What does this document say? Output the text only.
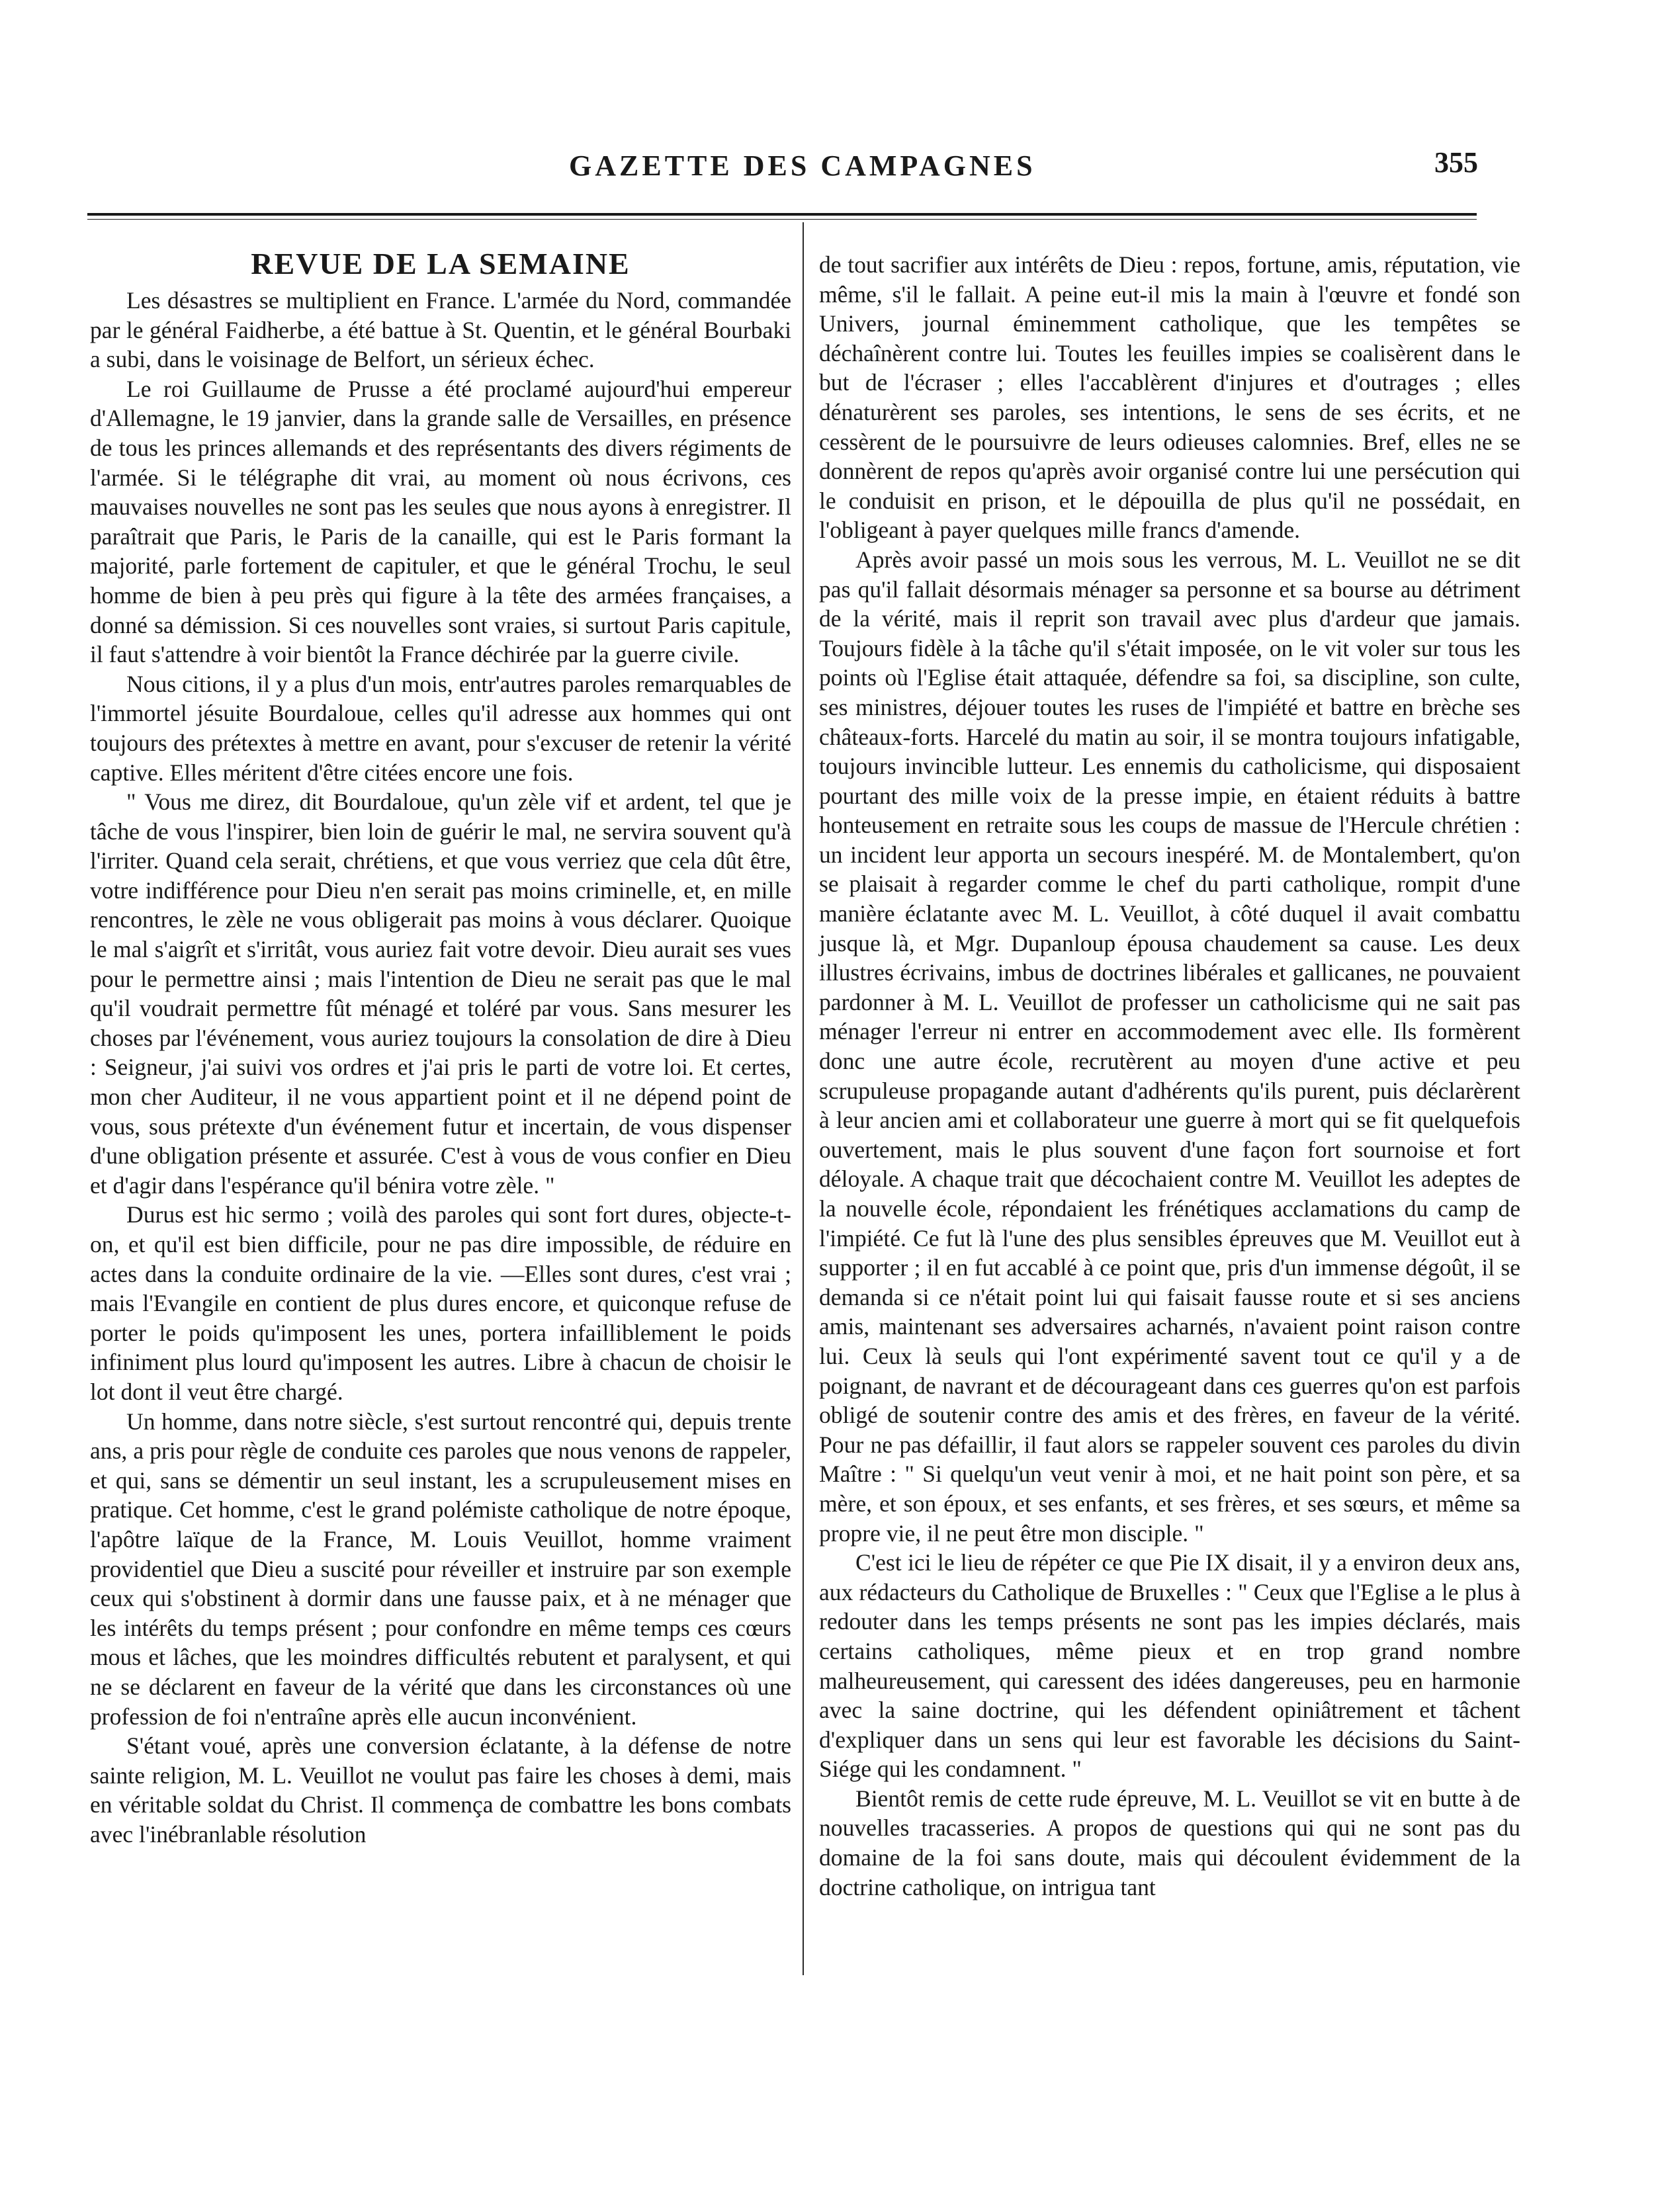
GAZETTE DES CAMPAGNES	355
REVUE DE LA SEMAINE

Les désastres se multiplient en France. L'armée du Nord, commandée par le général Faidherbe, a été battue à St. Quentin, et le général Bourbaki a subi, dans le voisinage de Belfort, un sérieux échec.

Le roi Guillaume de Prusse a été proclamé aujourd'hui empereur d'Allemagne, le 19 janvier, dans la grande salle de Versailles, en présence de tous les princes allemands et des représentants des divers régiments de l'armée. Si le télégraphe dit vrai, au moment où nous écrivons, ces mauvaises nouvelles ne sont pas les seules que nous ayons à enregistrer. Il paraîtrait que Paris, le Paris de la canaille, qui est le Paris formant la majorité, parle fortement de capituler, et que le général Trochu, le seul homme de bien à peu près qui figure à la tête des armées françaises, a donné sa démission. Si ces nouvelles sont vraies, si surtout Paris capitule, il faut s'attendre à voir bientôt la France déchirée par la guerre civile.

Nous citions, il y a plus d'un mois, entr'autres paroles remarquables de l'immortel jésuite Bourdaloue, celles qu'il adresse aux hommes qui ont toujours des prétextes à mettre en avant, pour s'excuser de retenir la vérité captive. Elles méritent d'être citées encore une fois.

" Vous me direz, dit Bourdaloue, qu'un zèle vif et ardent, tel que je tâche de vous l'inspirer, bien loin de guérir le mal, ne servira souvent qu'à l'irriter. Quand cela serait, chrétiens, et que vous verriez que cela dût être, votre indifférence pour Dieu n'en serait pas moins criminelle, et, en mille rencontres, le zèle ne vous obligerait pas moins à vous déclarer. Quoique le mal s'aigrît et s'irritât, vous auriez fait votre devoir. Dieu aurait ses vues pour le permettre ainsi ; mais l'intention de Dieu ne serait pas que le mal qu'il voudrait permettre fût ménagé et toléré par vous. Sans mesurer les choses par l'événement, vous auriez toujours la consolation de dire à Dieu : Seigneur, j'ai suivi vos ordres et j'ai pris le parti de votre loi. Et certes, mon cher Auditeur, il ne vous appartient point et il ne dépend point de vous, sous prétexte d'un événement futur et incertain, de vous dispenser d'une obligation présente et assurée. C'est à vous de vous confier en Dieu et d'agir dans l'espérance qu'il bénira votre zèle. "

Durus est hic sermo ; voilà des paroles qui sont fort dures, objecte-t-on, et qu'il est bien difficile, pour ne pas dire impossible, de réduire en actes dans la conduite ordinaire de la vie. —Elles sont dures, c'est vrai ; mais l'Evangile en contient de plus dures encore, et quiconque refuse de porter le poids qu'imposent les unes, portera infailliblement le poids infiniment plus lourd qu'imposent les autres. Libre à chacun de choisir le lot dont il veut être chargé.

Un homme, dans notre siècle, s'est surtout rencontré qui, depuis trente ans, a pris pour règle de conduite ces paroles que nous venons de rappeler, et qui, sans se démentir un seul instant, les a scrupuleusement mises en pratique. Cet homme, c'est le grand polémiste catholique de notre époque, l'apôtre laïque de la France, M. Louis Veuillot, homme vraiment providentiel que Dieu a suscité pour réveiller et instruire par son exemple ceux qui s'obstinent à dormir dans une fausse paix, et à ne ménager que les intérêts du temps présent ; pour confondre en même temps ces cœurs mous et lâches, que les moindres difficultés rebutent et paralysent, et qui ne se déclarent en faveur de la vérité que dans les circonstances où une profession de foi n'entraîne après elle aucun inconvénient.

S'étant voué, après une conversion éclatante, à la défense de notre sainte religion, M. L. Veuillot ne voulut pas faire les choses à demi, mais en véritable soldat du Christ. Il commença de combattre les bons combats avec l'inébranlable résolution

de tout sacrifier aux intérêts de Dieu : repos, fortune, amis, réputation, vie même, s'il le fallait. A peine eut-il mis la main à l'œuvre et fondé son Univers, journal éminemment catholique, que les tempêtes se déchaînèrent contre lui. Toutes les feuilles impies se coalisèrent dans le but de l'écraser ; elles l'accablèrent d'injures et d'outrages ; elles dénaturèrent ses paroles, ses intentions, le sens de ses écrits, et ne cessèrent de le poursuivre de leurs odieuses calomnies. Bref, elles ne se donnèrent de repos qu'après avoir organisé contre lui une persécution qui le conduisit en prison, et le dépouilla de plus qu'il ne possédait, en l'obligeant à payer quelques mille francs d'amende.

Après avoir passé un mois sous les verrous, M. L. Veuillot ne se dit pas qu'il fallait désormais ménager sa personne et sa bourse au détriment de la vérité, mais il reprit son travail avec plus d'ardeur que jamais. Toujours fidèle à la tâche qu'il s'était imposée, on le vit voler sur tous les points où l'Eglise était attaquée, défendre sa foi, sa discipline, son culte, ses ministres, déjouer toutes les ruses de l'impiété et battre en brèche ses châteaux-forts. Harcelé du matin au soir, il se montra toujours infatigable, toujours invincible lutteur. Les ennemis du catholicisme, qui disposaient pourtant des mille voix de la presse impie, en étaient réduits à battre honteusement en retraite sous les coups de massue de l'Hercule chrétien : un incident leur apporta un secours inespéré. M. de Montalembert, qu'on se plaisait à regarder comme le chef du parti catholique, rompit d'une manière éclatante avec M. L. Veuillot, à côté duquel il avait combattu jusque là, et Mgr. Dupanloup épousa chaudement sa cause. Les deux illustres écrivains, imbus de doctrines libérales et gallicanes, ne pouvaient pardonner à M. L. Veuillot de professer un catholicisme qui ne sait pas ménager l'erreur ni entrer en accommodement avec elle. Ils formèrent donc une autre école, recrutèrent au moyen d'une active et peu scrupuleuse propagande autant d'adhérents qu'ils purent, puis déclarèrent à leur ancien ami et collaborateur une guerre à mort qui se fit quelquefois ouvertement, mais le plus souvent d'une façon fort sournoise et fort déloyale. A chaque trait que décochaient contre M. Veuillot les adeptes de la nouvelle école, répondaient les frénétiques acclamations du camp de l'impiété. Ce fut là l'une des plus sensibles épreuves que M. Veuillot eut à supporter ; il en fut accablé à ce point que, pris d'un immense dégoût, il se demanda si ce n'était point lui qui faisait fausse route et si ses anciens amis, maintenant ses adversaires acharnés, n'avaient point raison contre lui. Ceux là seuls qui l'ont expérimenté savent tout ce qu'il y a de poignant, de navrant et de décourageant dans ces guerres qu'on est parfois obligé de soutenir contre des amis et des frères, en faveur de la vérité. Pour ne pas défaillir, il faut alors se rappeler souvent ces paroles du divin Maître : " Si quelqu'un veut venir à moi, et ne hait point son père, et sa mère, et son époux, et ses enfants, et ses frères, et ses sœurs, et même sa propre vie, il ne peut être mon disciple. "

C'est ici le lieu de répéter ce que Pie IX disait, il y a environ deux ans, aux rédacteurs du Catholique de Bruxelles : " Ceux que l'Eglise a le plus à redouter dans les temps présents ne sont pas les impies déclarés, mais certains catholiques, même pieux et en trop grand nombre malheureusement, qui caressent des idées dangereuses, peu en harmonie avec la saine doctrine, qui les défendent opiniâtrement et tâchent d'expliquer dans un sens qui leur est favorable les décisions du Saint-Siége qui les condamnent. "

Bientôt remis de cette rude épreuve, M. L. Veuillot se vit en butte à de nouvelles tracasseries. A propos de questions qui qui ne sont pas du domaine de la foi sans doute, mais qui découlent évidemment de la doctrine catholique, on intrigua tant
